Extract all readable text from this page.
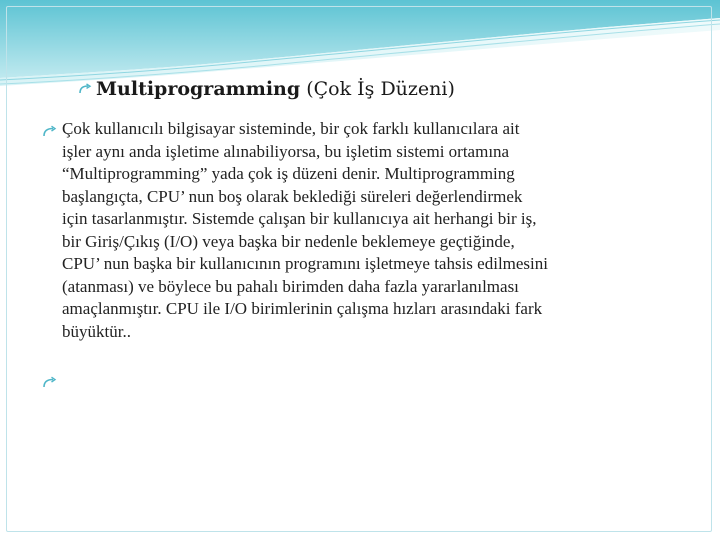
Multiprogramming (Çok İş Düzeni)

Çok kullanıcılı bilgisayar sisteminde, bir çok farklı kullanıcılara ait
işler aynı anda işletime alınabiliyorsa, bu işletim sistemi ortamına
“Multiprogramming” yada çok iş düzeni denir. Multiprogramming
başlangıçta, CPU’ nun boş olarak beklediği süreleri değerlendirmek
için tasarlanmıştır. Sistemde çalışan bir kullanıcıya ait herhangi bir iş,
bir Giriş/Çıkış (I/O) veya başka bir nedenle beklemeye geçtiğinde,
CPU’ nun başka bir kullanıcının programını işletmeye tahsis edilmesini
(atanması) ve böylece bu pahalı birimden daha fazla yararlanılması
amaçlanmıştır. CPU ile I/O birimlerinin çalışma hızları arasındaki fark
büyüktür..
